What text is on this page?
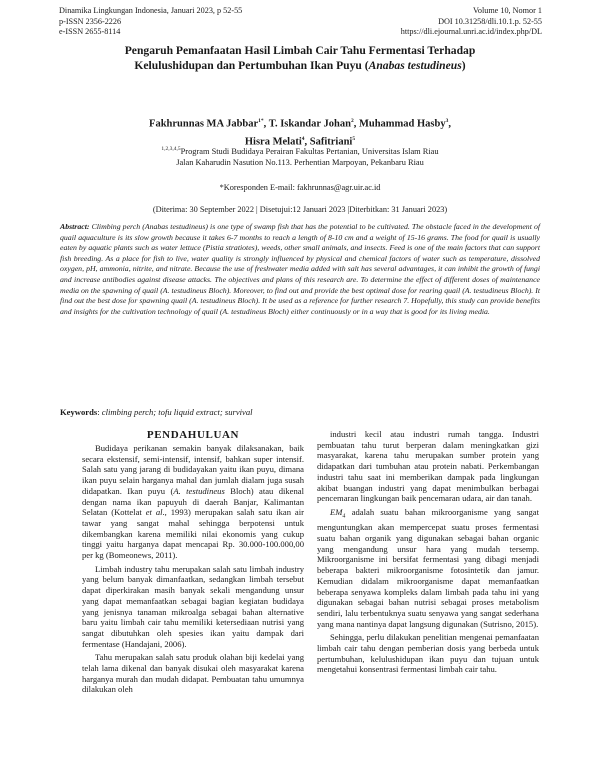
Dinamika Lingkungan Indonesia, Januari 2023, p 52-55
p-ISSN 2356-2226
e-ISSN 2655-8114
Volume 10, Nomor 1
DOI 10.31258/dli.10.1.p. 52-55
https://dli.ejournal.unri.ac.id/index.php/DL
Pengaruh Pemanfaatan Hasil Limbah Cair Tahu Fermentasi Terhadap
Kelulushidupan dan Pertumbuhan Ikan Puyu (Anabas testudineus)
Fakhrunnas MA Jabbar$^{1*}$, T. Iskandar Johan$^2$, Muhammad Hasby$^3$,
Hisra Melati$^4$, Safitriani$^5$
$^{1,2,3,4,5}$Program Studi Budidaya Perairan Fakultas Pertanian, Universitas Islam Riau
Jalan Kaharudin Nasution No.113. Perhentian Marpoyan, Pekanbaru Riau
*Koresponden E-mail: fakhrunnas@agr.uir.ac.id
(Diterima: 30 September 2022 | Disetujui:12 Januari 2023 |Diterbitkan: 31 Januari 2023)
Abstract: Climbing perch (Anabas testudineus) is one type of swamp fish that has the potential to be cultivated. The obstacle faced in the development of quail aquaculture is its slow growth because it takes 6-7 months to reach a length of 8-10 cm and a weight of 15-16 grams. The food for quail is usually eaten by aquatic plants such as water lettuce (Pistia stratiotes), weeds, other small animals, and insects. Feed is one of the main factors that can support fish breeding. As a place for fish to live, water quality is strongly influenced by physical and chemical factors of water such as temperature, dissolved oxygen, pH, ammonia, nitrite, and nitrate. Because the use of freshwater media added with salt has several advantages, it can inhibit the growth of fungi and increase antibodies against disease attacks. The objectives and plans of this research are. To determine the effect of different doses of maintenance media on the spawning of quail (A. testudineus Bloch). Moreover, to find out and provide the best optimal dose for rearing quail (A. testudineus Bloch). It find out the best dose for spawning quail (A. testudineus Bloch). It be used as a reference for further research 7. Hopefully, this study can provide benefits and insights for the cultivation technology of quail (A. testudineus Bloch) either continuously or in a way that is good for its living media.
Keywords: climbing perch; tofu liquid extract; survival
PENDAHULUAN

Budidaya perikanan semakin banyak dilaksanakan, baik secara ekstensif, semi-intensif, intensif, bahkan super intensif. Salah satu yang jarang di budidayakan yaitu ikan puyu, dimana ikan puyu selain harganya mahal dan jumlah dialam juga susah didapatkan. Ikan puyu (A. testudineus Bloch) atau dikenal dengan nama ikan papuyuh di daerah Banjar, Kalimantan Selatan (Kottelat et al., 1993) merupakan salah satu ikan air tawar yang sangat mahal sehingga berpotensi untuk dikembangkan karena memiliki nilai ekonomis yang cukup tinggi yaitu harganya dapat mencapai Rp. 30.000-100.000,00 per kg (Bomeonews, 2011).

Limbah industry tahu merupakan salah satu limbah industry yang belum banyak dimanfaatkan, sedangkan limbah tersebut dapat diperkirakan masih banyak sekali mengandung unsur yang dapat memanfaatkan sebagai bagian kegiatan budidaya yang jenisnya tanaman mikroalga sebagai bahan alternative baru yaitu limbah cair tahu memiliki ketersediaan nutrisi yang sangat dibutuhkan oleh spesies ikan yaitu dampak dari fermentase (Handajani, 2006).

Tahu merupakan salah satu produk olahan biji kedelai yang telah lama dikenal dan banyak disukai oleh masyarakat karena harganya murah dan mudah didapat. Pembuatan tahu umumnya dilakukan oleh

industri kecil atau industri rumah tangga. Industri pembuatan tahu turut berperan dalam meningkatkan gizi masyarakat, karena tahu merupakan sumber protein yang didapatkan dari tumbuhan atau protein nabati. Perkembangan industri tahu saat ini memberikan dampak pada lingkungan akibat buangan industri yang dapat menimbulkan berbagai pencemaran lingkungan baik pencemaran udara, air dan tanah.

$EM_4$ adalah suatu bahan mikroorganisme yang sangat menguntungkan akan mempercepat suatu proses fermentasi suatu bahan organik yang digunakan sebagai bahan organic yang mengandung unsur hara yang mudah tersemp. Mikroorganisme ini bersifat fermentasi yang dibagi menjadi beberapa bakteri mikroorganisme fotosintetik dan jamur. Kemudian didalam mikroorganisme dapat memanfaatkan beberapa senyawa kompleks dalam limbah pada tahu ini yang digunakan sebagai bahan nutrisi sebagai proses metabolism sendiri, lalu terbentuknya suatu senyawa yang sangat sederhana yang mana nantinya dapat langsung digunakan (Sutrisno, 2015).

Sehingga, perlu dilakukan penelitian mengenai pemanfaatan limbah cair tahu dengan pemberian dosis yang berbeda untuk pertumbuhan, kelulushidupan ikan puyu dan tujuan untuk mengetahui konsentrasi fermentasi limbah cair tahu.
